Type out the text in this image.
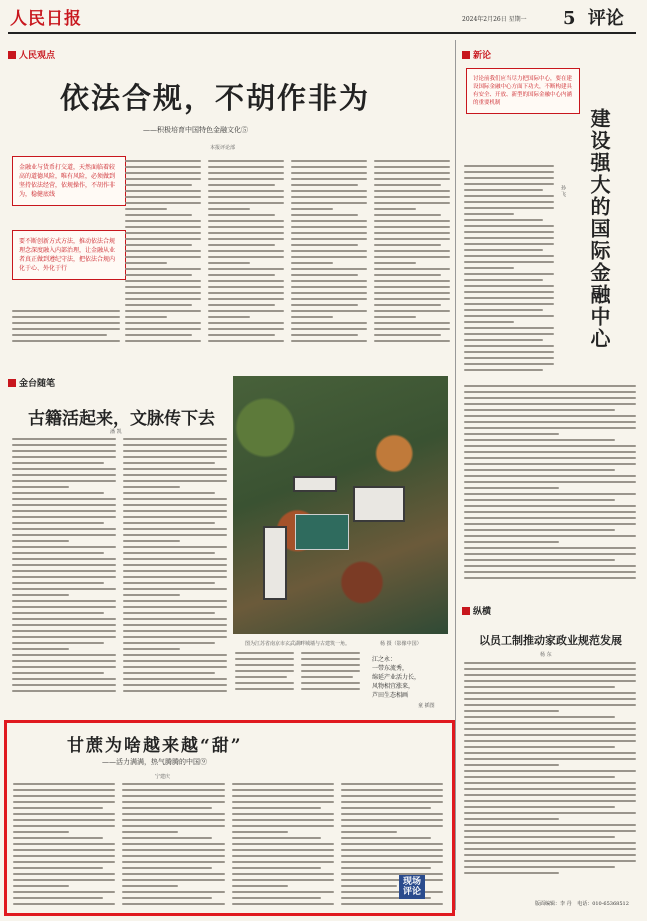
人民日报	2024年2月26日 星期一 5 评论
人民观点
依法合规，不胡作非为
——积极培育中国特色金融文化⑤
本报评论部
金融业与货币打交道，天然面临着较高的道德风险，唯有风险，必须做到坚持依法经营，依规操作，不胡作非为，稳健底线
要不断创新方式方法，推动依法合规理念深度融入内部治理，让金融从业者真正做到遵纪守法，把依法合规内化于心、外化于行
金台随笔
古籍活起来，文脉传下去
潘 凯
图为江苏省南京市玄武湖畔城墙与古建筑一角。	杨 摄（影像中国）
江之永：
一带东流秀，
绵延产业活力长，
风物相宜涨来，
芦田生态相画
童 插图
甘蔗为啥越来越“甜”
——活力满满，热气腾腾的中国⑨
宁建庆
现场
评论
新论
讨论前我们应当尽力把国际中心，要在建设国际金融中心方面下功夫，不断构建具有安全、开放、新型的国际金融中心内涵的重要机制
建设强大的国际金融中心
孙 飞
纵横
以员工制推动家政业规范发展
杨 东
版面编辑：李 丹 电话：010-65368512
